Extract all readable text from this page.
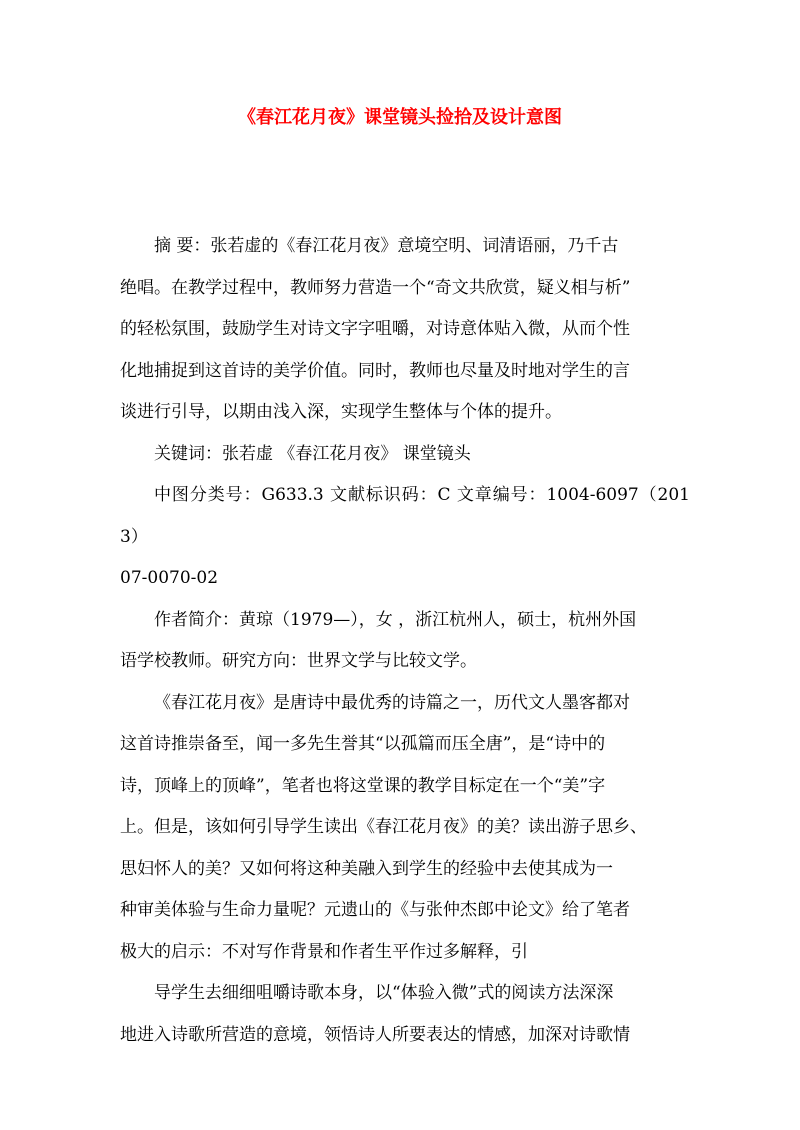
《春江花月夜》课堂镜头捡拾及设计意图

摘 要：张若虚的《春江花月夜》意境空明、词清语丽，乃千古
绝唱。在教学过程中，教师努力营造一个“奇文共欣赏，疑义相与析”
的轻松氛围，鼓励学生对诗文字字咀嚼，对诗意体贴入微，从而个性
化地捕捉到这首诗的美学价值。同时，教师也尽量及时地对学生的言
谈进行引导，以期由浅入深，实现学生整体与个体的提升。

关键词：张若虚 《春江花月夜》 课堂镜头

中图分类号：G633.3 文献标识码：C 文章编号：1004-6097（2013）
07-0070-02

作者简介：黄琼（1979—），女 ，浙江杭州人，硕士，杭州外国
语学校教师。研究方向：世界文学与比较文学。

《春江花月夜》是唐诗中最优秀的诗篇之一，历代文人墨客都对
这首诗推崇备至，闻一多先生誉其“以孤篇而压全唐”，是“诗中的
诗，顶峰上的顶峰”，笔者也将这堂课的教学目标定在一个“美”字
上。但是，该如何引导学生读出《春江花月夜》的美？读出游子思乡、
思妇怀人的美？又如何将这种美融入到学生的经验中去使其成为一
种审美体验与生命力量呢？元遗山的《与张仲杰郎中论文》给了笔者
极大的启示：不对写作背景和作者生平作过多解释，引

导学生去细细咀嚼诗歌本身，以“体验入微”式的阅读方法深深
地进入诗歌所营造的意境，领悟诗人所要表达的情感，加深对诗歌情
